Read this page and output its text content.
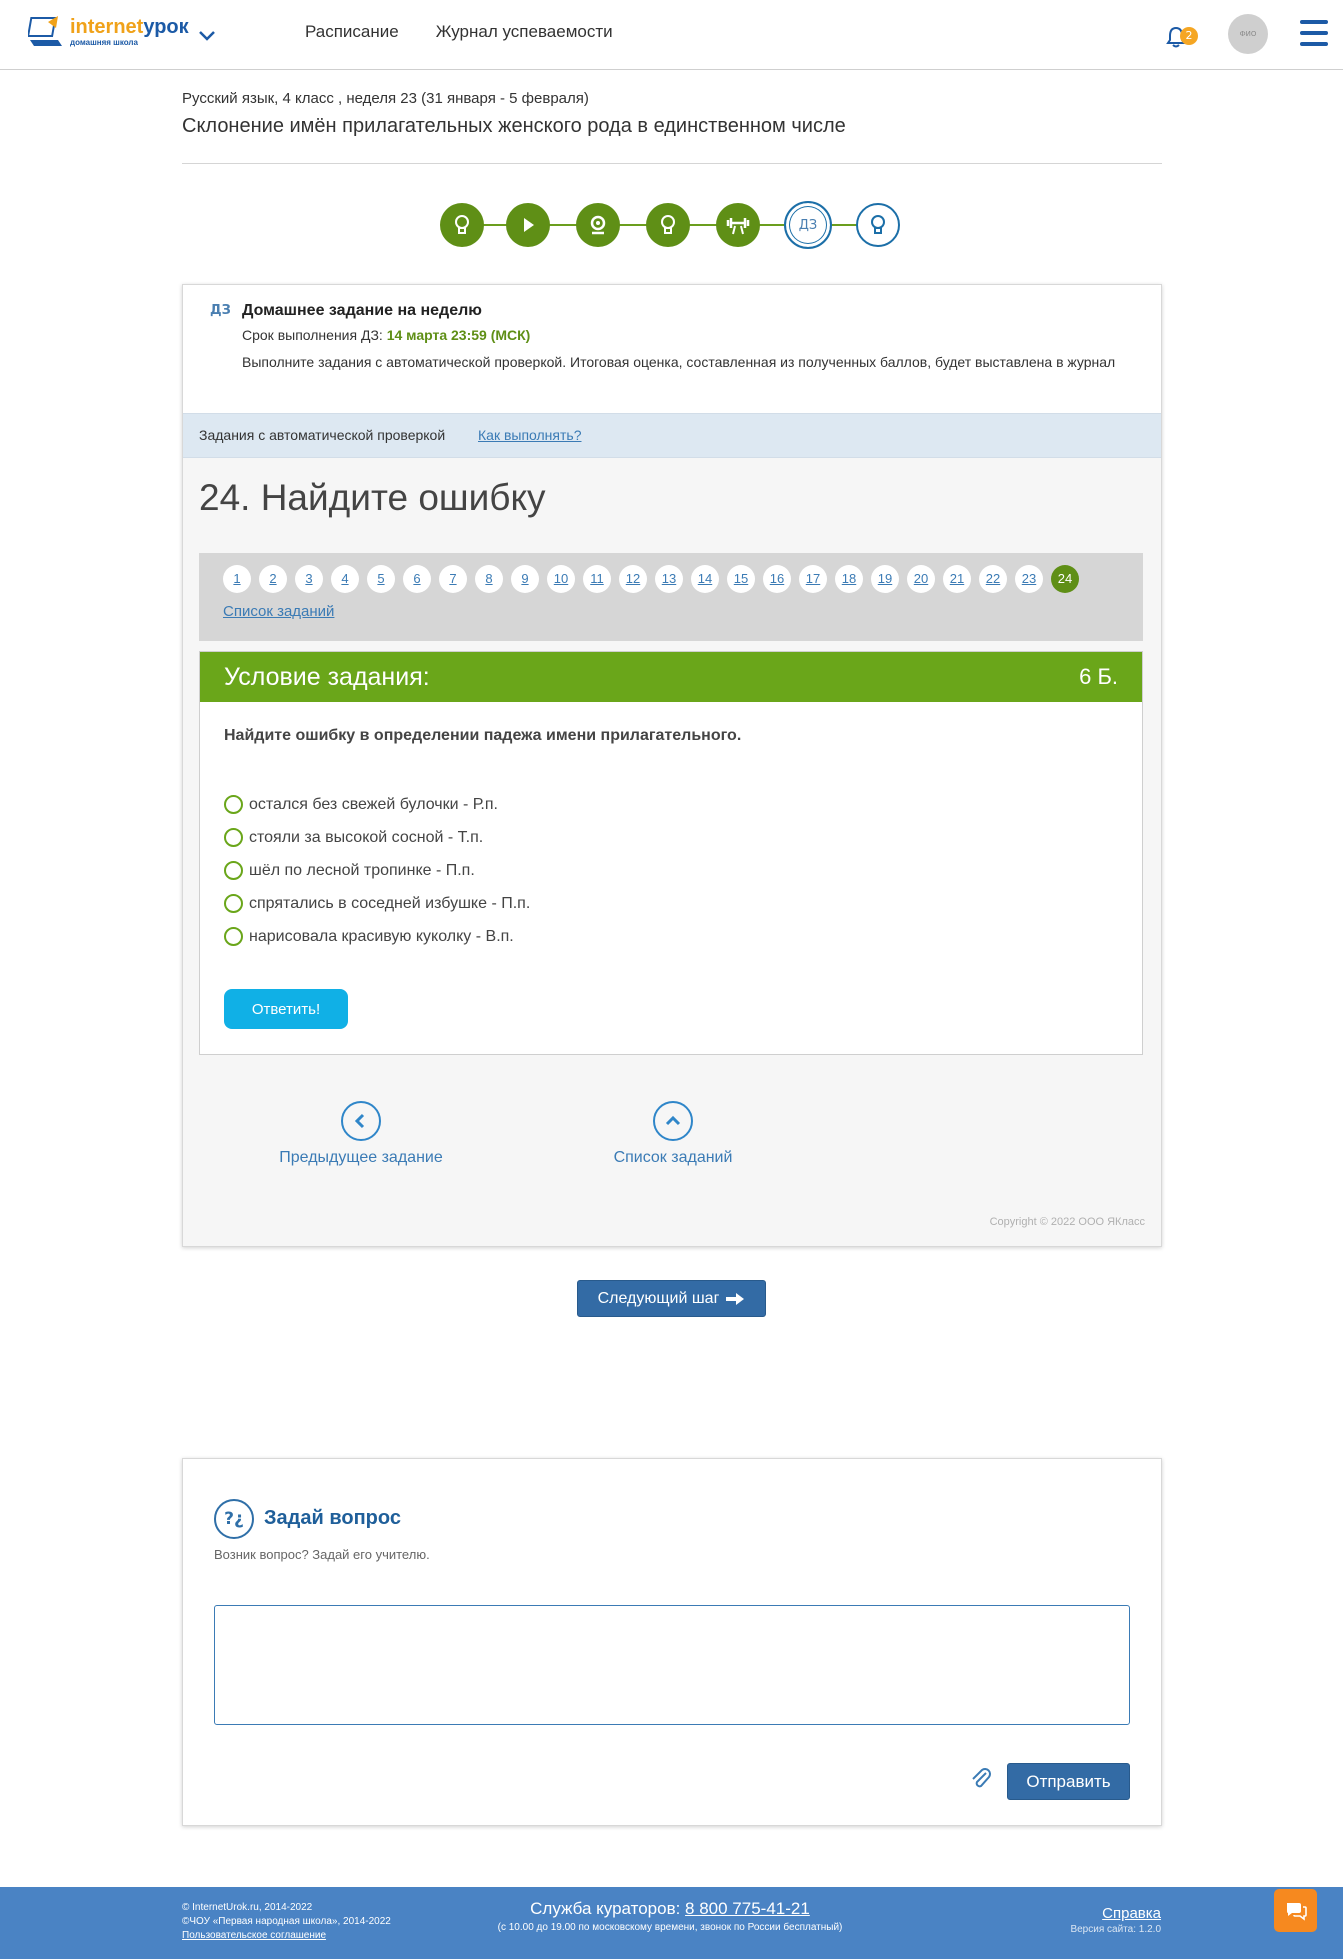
internetурок
домашняя школа
Расписание Журнал успеваемости	2	ФИО
Русский язык, 4 класс , неделя 23 (31 января - 5 февраля)
Склонение имён прилагательных женского рода в единственном числе
ДЗ
ДЗ Домашнее задание на неделю
Срок выполнения ДЗ: 14 марта 23:59 (МСК)
Выполните задания с автоматической проверкой. Итоговая оценка, составленная из полученных баллов, будет выставлена в журнал
Задания с автоматической проверкой Как выполнять?
24. Найдите ошибку
1	2	3	4	5	6	7	8	9	10	11	12	13	14	15	16	17	18	19	20	21	22	23	24
Список заданий
Условие задания:	6 Б.
Найдите ошибку в определении падежа имени прилагательного.
остался без свежей булочки - Р.п.
стояли за высокой сосной - Т.п.
шёл по лесной тропинке - П.п.
спрятались в соседней избушке - П.п.
нарисовала красивую куколку - В.п.
Ответить!
Предыдущее задание	Список заданий
Copyright © 2022 ООО ЯКласс
Следующий шаг
?¿	Задай вопрос
Возник вопрос? Задай его учителю.
Отправить
© InternetUrok.ru, 2014-2022
©ЧОУ «Первая народная школа», 2014-2022
Пользовательское соглашение
Служба кураторов: 8 800 775-41-21
(с 10.00 до 19.00 по московскому времени, звонок по России бесплатный)
Справка
Версия сайта: 1.2.0
